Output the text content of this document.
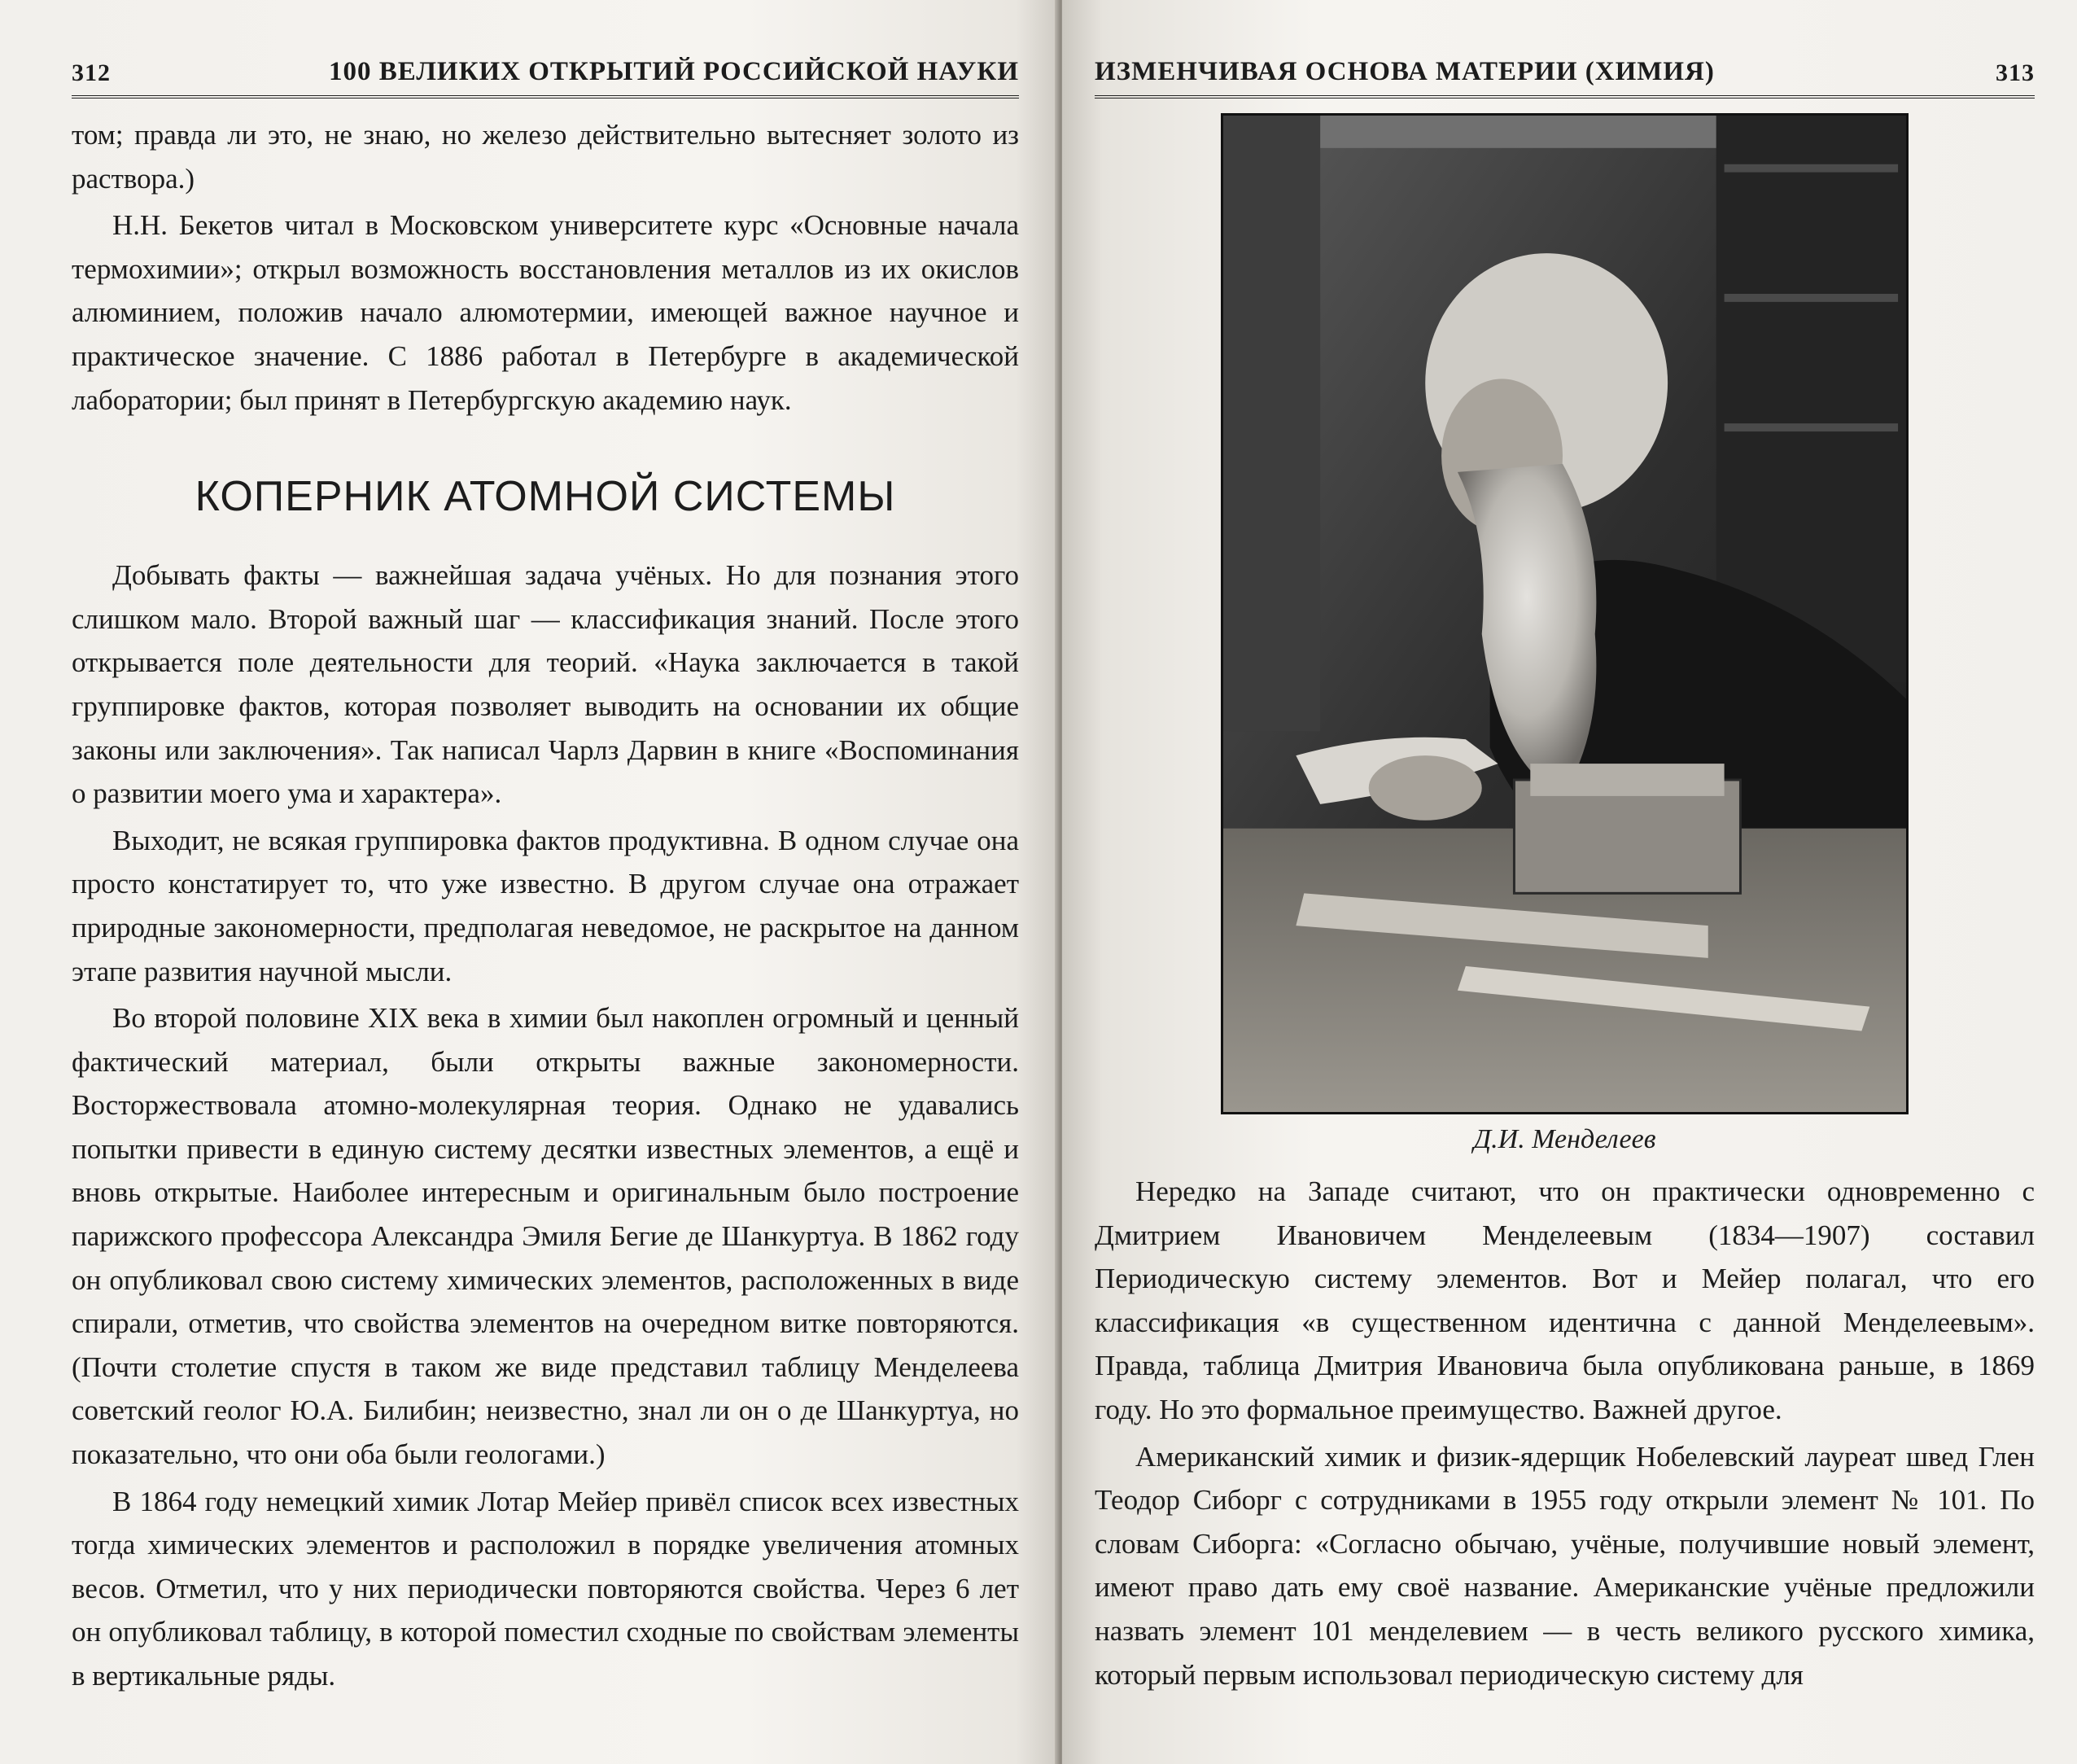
312	100 ВЕЛИКИХ ОТКРЫТИЙ РОССИЙСКОЙ НАУКИ

том; правда ли это, не знаю, но железо действительно вытесняет золото из раствора.)

Н.Н. Бекетов читал в Московском университете курс «Основные начала термохимии»; открыл возможность восстановления металлов из их окислов алюминием, положив начало алюмотермии, имеющей важное научное и практическое значение. С 1886 работал в Петербурге в академической лаборатории; был принят в Петербургскую академию наук.

КОПЕРНИК АТОМНОЙ СИСТЕМЫ

Добывать факты — важнейшая задача учёных. Но для познания этого слишком мало. Второй важный шаг — классификация знаний. После этого открывается поле деятельности для теорий. «Наука заключается в такой группировке фактов, которая позволяет выводить на основании их общие законы или заключения». Так написал Чарлз Дарвин в книге «Воспоминания о развитии моего ума и характера».

Выходит, не всякая группировка фактов продуктивна. В одном случае она просто констатирует то, что уже известно. В другом случае она отражает природные закономерности, предполагая неведомое, не раскрытое на данном этапе развития научной мысли.

Во второй половине XIX века в химии был накоплен огромный и ценный фактический материал, были открыты важные закономерности. Восторжествовала атомно-молекулярная теория. Однако не удавались попытки привести в единую систему десятки известных элементов, а ещё и вновь открытые. Наиболее интересным и оригинальным было построение парижского профессора Александра Эмиля Бегие де Шанкуртуа. В 1862 году он опубликовал свою систему химических элементов, расположенных в виде спирали, отметив, что свойства элементов на очередном витке повторяются. (Почти столетие спустя в таком же виде представил таблицу Менделеева советский геолог Ю.А. Билибин; неизвестно, знал ли он о де Шанкуртуа, но показательно, что они оба были геологами.)

В 1864 году немецкий химик Лотар Мейер привёл список всех известных тогда химических элементов и расположил в порядке увеличения атомных весов. Отметил, что у них периодически повторяются свойства. Через 6 лет он опубликовал таблицу, в которой поместил сходные по свойствам элементы в вертикальные ряды.

ИЗМЕНЧИВАЯ ОСНОВА МАТЕРИИ (ХИМИЯ)	313
Д.И. Менделеев

Нередко на Западе считают, что он практически одновременно с Дмитрием Ивановичем Менделеевым (1834—1907) составил Периодическую систему элементов. Вот и Мейер полагал, что его классификация «в существенном идентична с данной Менделеевым». Правда, таблица Дмитрия Ивановича была опубликована раньше, в 1869 году. Но это формальное преимущество. Важней другое.

Американский химик и физик-ядерщик Нобелевский лауреат швед Глен Теодор Сиборг с сотрудниками в 1955 году открыли элемент № 101. По словам Сиборга: «Согласно обычаю, учёные, получившие новый элемент, имеют право дать ему своё название. Американские учёные предложили назвать элемент 101 менделевием — в честь великого русского химика, который первым использовал периодическую систему для
